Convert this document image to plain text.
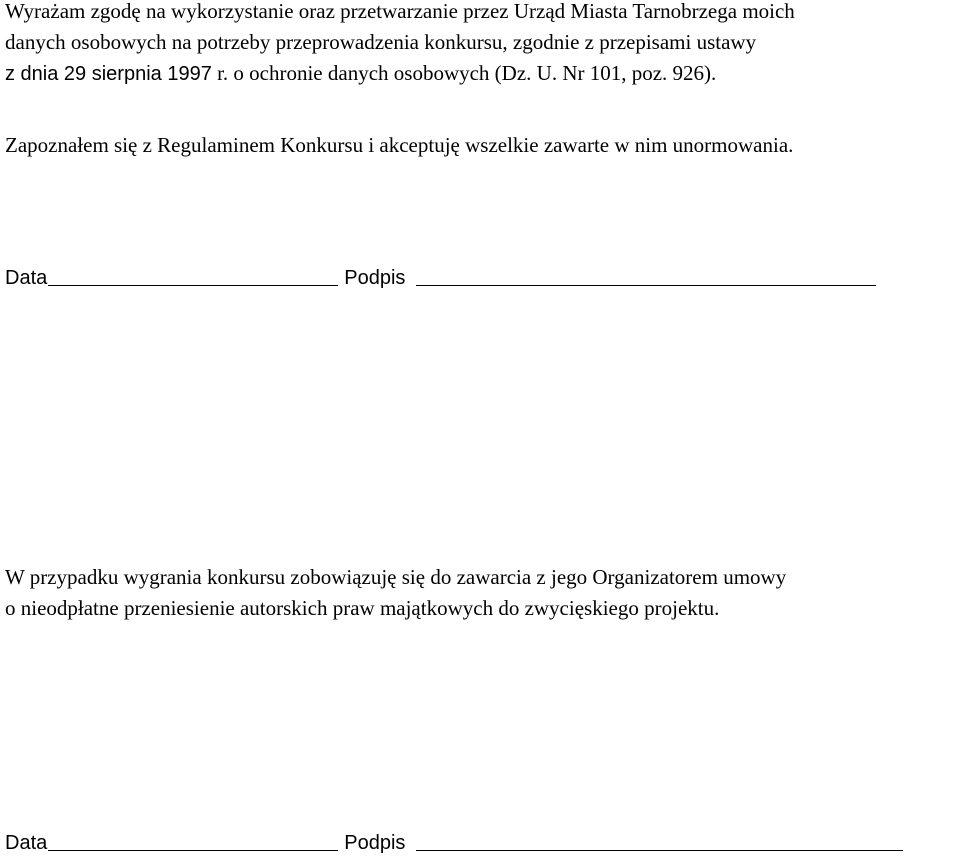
Wyrażam zgodę na wykorzystanie oraz przetwarzanie przez Urząd Miasta Tarnobrzega moich
danych osobowych na potrzeby przeprowadzenia konkursu, zgodnie z przepisami ustawy
z dnia 29 sierpnia 1997 r. o ochronie danych osobowych (Dz. U. Nr 101, poz. 926).
Zapoznałem się z Regulaminem Konkursu i akceptuję wszelkie zawarte w nim unormowania.
Data	Podpis
W przypadku wygrania konkursu zobowiązuję się do zawarcia z jego Organizatorem umowy
o nieodpłatne przeniesienie autorskich praw majątkowych do zwycięskiego projektu.
Data	Podpis
